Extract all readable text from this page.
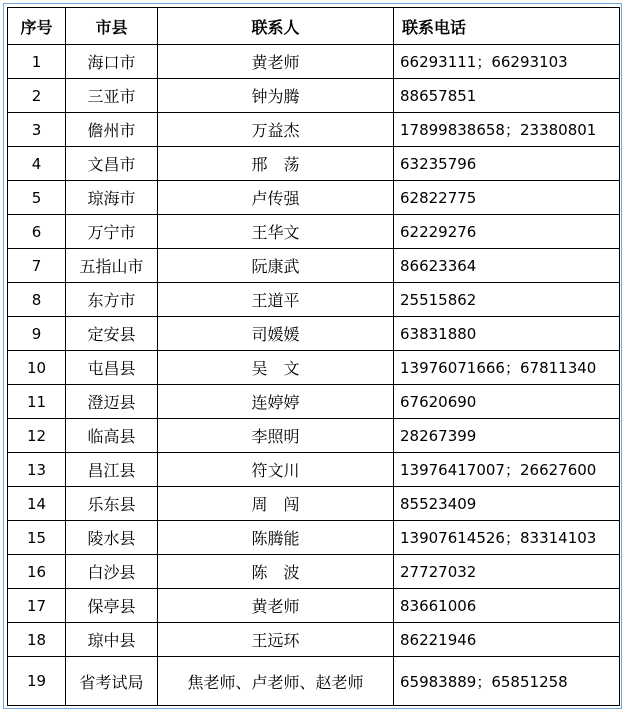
序号	市县	联系人	联系电话
1	海口市	黄老师	66293111；66293103
2	三亚市	钟为腾	88657851
3	儋州市	万益杰	17899838658；23380801
4	文昌市	邢　荡	63235796
5	琼海市	卢传强	62822775
6	万宁市	王华文	62229276
7	五指山市	阮康武	86623364
8	东方市	王道平	25515862
9	定安县	司媛媛	63831880
10	屯昌县	吴　文	13976071666；67811340
11	澄迈县	连婷婷	67620690
12	临高县	李照明	28267399
13	昌江县	符文川	13976417007；26627600
14	乐东县	周　闯	85523409
15	陵水县	陈腾能	13907614526；83314103
16	白沙县	陈　波	27727032
17	保亭县	黄老师	83661006
18	琼中县	王远环	86221946
19	省考试局	焦老师、卢老师、赵老师	65983889；65851258
